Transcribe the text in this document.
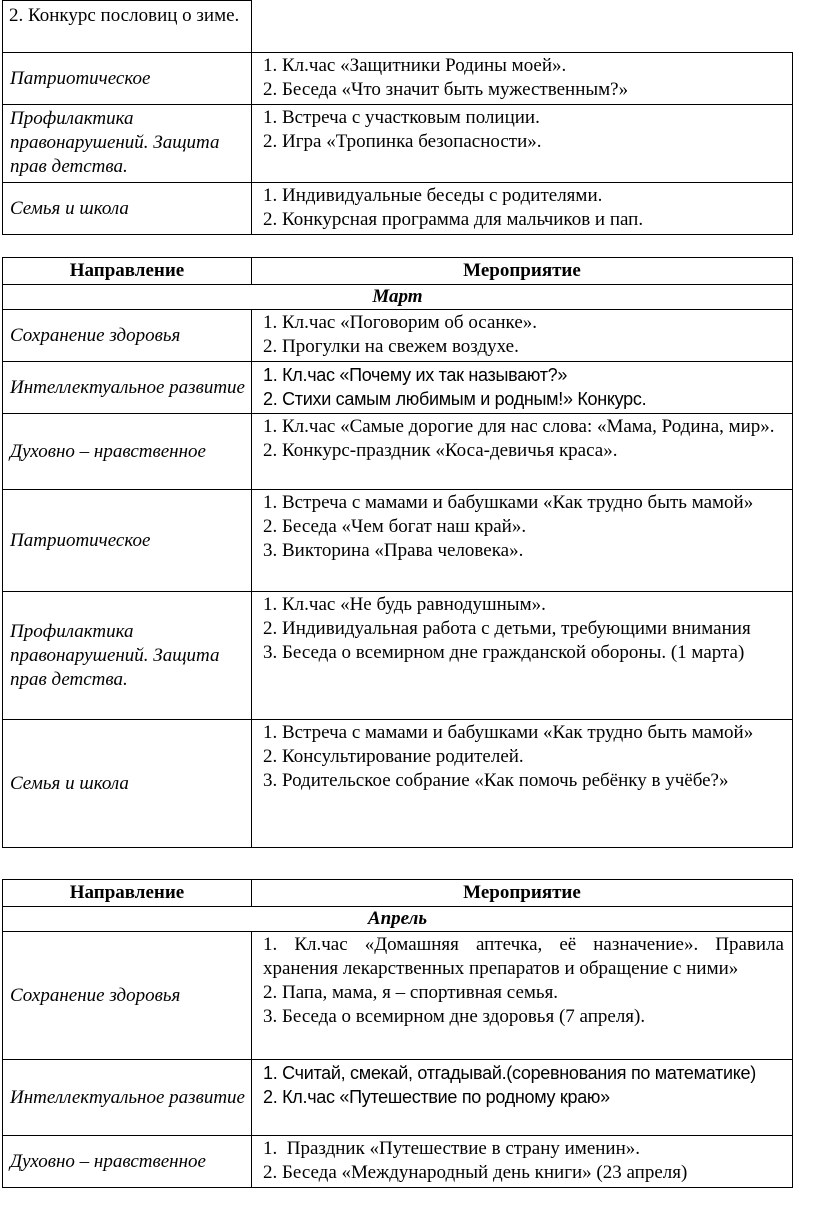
2. Конкурс пословиц о зиме.	
Патриотическое	1. Кл.час «Защитники Родины моей».
2. Беседа «Что значит быть мужественным?»

Профилактика правонарушений. Защита прав детства.	1. Встреча с участковым полиции.
2. Игра «Тропинка безопасности».

Семья и школа	1. Индивидуальные беседы с родителями.
2. Конкурсная программа для мальчиков и пап.
Направление	Мероприятие
Март	
Сохранение здоровья	1. Кл.час «Поговорим об осанке».
2. Прогулки на свежем воздухе.

Интеллектуальное развитие	1. Кл.час «Почему их так называют?»
2. Стихи самым любимым и родным!» Конкурс.

Духовно – нравственное	1. Кл.час «Самые дорогие для нас слова: «Мама, Родина, мир».
2. Конкурс-праздник «Коса-девичья краса».

Патриотическое	1. Встреча с мамами и бабушками «Как трудно быть мамой»
2. Беседа «Чем богат наш край».
3. Викторина «Права человека».

Профилактика правонарушений. Защита прав детства.	1. Кл.час «Не будь равнодушным».
2. Индивидуальная работа с детьми, требующими внимания
3. Беседа о всемирном дне гражданской обороны. (1 марта)

Семья и школа	1. Встреча с мамами и бабушками «Как трудно быть мамой»
2. Консультирование родителей.
3. Родительское собрание «Как помочь ребёнку в учёбе?»
Направление	Мероприятие
Апрель	
Сохранение здоровья	1. Кл.час «Домашняя аптечка, её назначение». Правила хранения лекарственных препаратов и обращение с ними»
2. Папа, мама, я – спортивная семья.
3. Беседа о всемирном дне здоровья (7 апреля).

Интеллектуальное развитие	1. Считай, смекай, отгадывай.(соревнования по математике)
2. Кл.час «Путешествие по родному краю»

Духовно – нравственное	1.  Праздник «Путешествие в страну именин».
2. Беседа «Международный день книги» (23 апреля)
